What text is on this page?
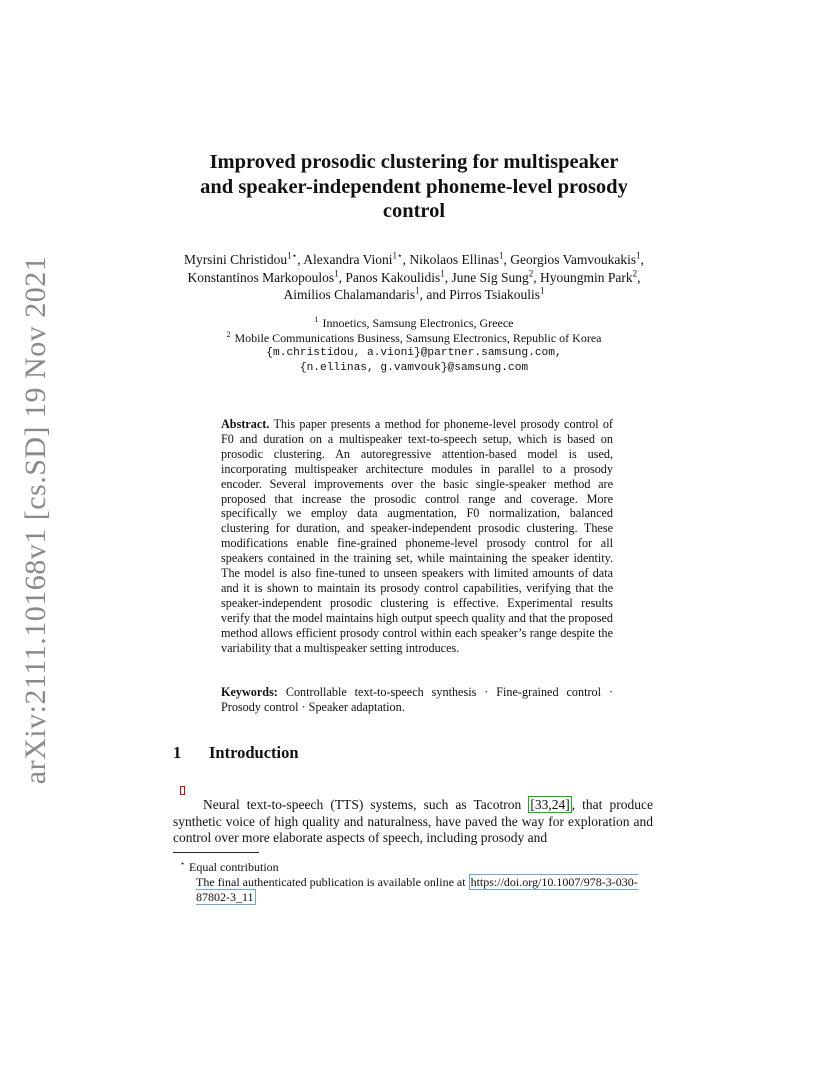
arXiv:2111.10168v1 [cs.SD] 19 Nov 2021
Improved prosodic clustering for multispeaker
and speaker-independent phoneme-level prosody
control
Myrsini Christidou$^{1⋆}$, Alexandra Vioni$^{1⋆}$, Nikolaos Ellinas$^1$, Georgios Vamvoukakis$^1$, Konstantinos Markopoulos$^1$, Panos Kakoulidis$^1$, June Sig Sung$^2$, Hyoungmin Park$^2$, Aimilios Chalamandaris$^1$, and Pirros Tsiakoulis$^1$
$^1$ Innoetics, Samsung Electronics, Greece
$^2$ Mobile Communications Business, Samsung Electronics, Republic of Korea
{m.christidou, a.vioni}@partner.samsung.com,
{n.ellinas, g.vamvouk}@samsung.com
Abstract. This paper presents a method for phoneme-level prosody control of F0 and duration on a multispeaker text-to-speech setup, which is based on prosodic clustering. An autoregressive attention-based model is used, incorporating multispeaker architecture modules in parallel to a prosody encoder. Several improvements over the basic single-speaker method are proposed that increase the prosodic control range and coverage. More specifically we employ data augmentation, F0 normalization, balanced clustering for duration, and speaker-independent prosodic clustering. These modifications enable fine-grained phoneme-level prosody control for all speakers contained in the training set, while maintaining the speaker identity. The model is also fine-tuned to unseen speakers with limited amounts of data and it is shown to maintain its prosody control capabilities, verifying that the speaker-independent prosodic clustering is effective. Experimental results verify that the model maintains high output speech quality and that the proposed method allows efficient prosody control within each speaker’s range despite the variability that a multispeaker setting introduces.
Keywords: Controllable text-to-speech synthesis · Fine-grained control · Prosody control · Speaker adaptation.
1 Introduction
Neural text-to-speech (TTS) systems, such as Tacotron [33,24] , that produce synthetic voice of high quality and naturalness, have paved the way for exploration and control over more elaborate aspects of speech, including prosody and
⋆ Equal contribution
The final authenticated publication is available online at https://doi.org/10.1007/978-3-030-87802-3_11
